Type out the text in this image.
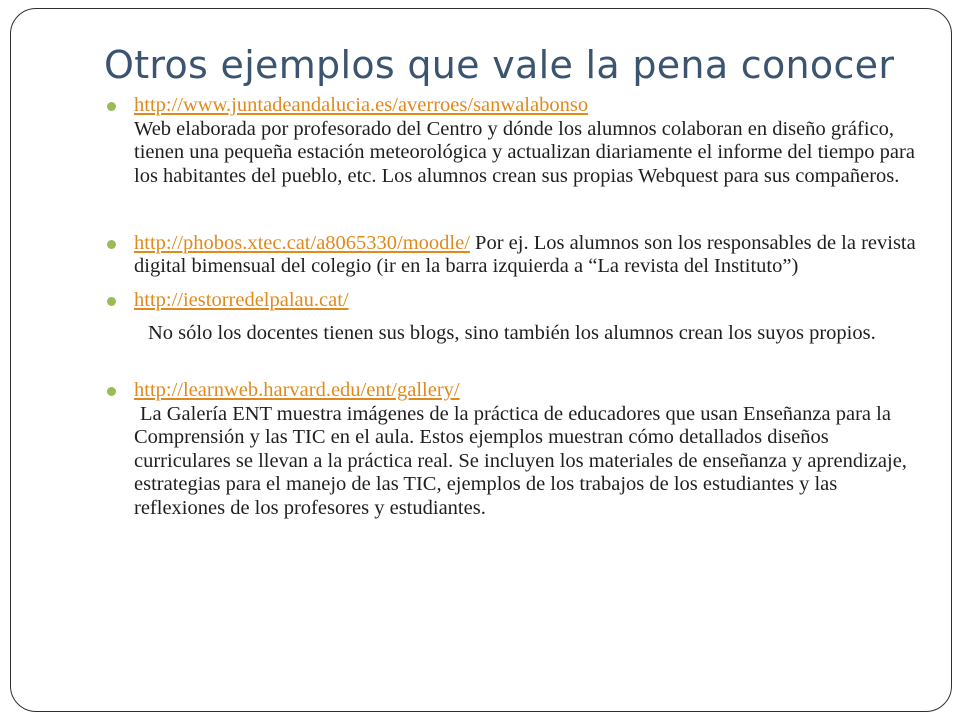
Otros ejemplos que vale la pena conocer
http://www.juntadeandalucia.es/averroes/sanwalabonso
Web elaborada por profesorado del Centro y dónde los alumnos colaboran en diseño gráfico, tienen una pequeña estación meteorológica y actualizan diariamente el informe del tiempo para los habitantes del pueblo, etc. Los alumnos crean sus propias Webquest para sus compañeros.
http://phobos.xtec.cat/a8065330/moodle/ Por ej. Los alumnos son los responsables de la revista digital bimensual del colegio (ir en la barra izquierda a “La revista del Instituto”)
http://iestorredelpalau.cat/
No sólo los docentes tienen sus blogs, sino también los alumnos crean los suyos propios.
http://learnweb.harvard.edu/ent/gallery/
La Galería ENT muestra imágenes de la práctica de educadores que usan Enseñanza para la Comprensión y las TIC en el aula. Estos ejemplos muestran cómo detallados diseños curriculares se llevan a la práctica real. Se incluyen los materiales de enseñanza y aprendizaje, estrategias para el manejo de las TIC, ejemplos de los trabajos de los estudiantes y las reflexiones de los profesores y estudiantes.
